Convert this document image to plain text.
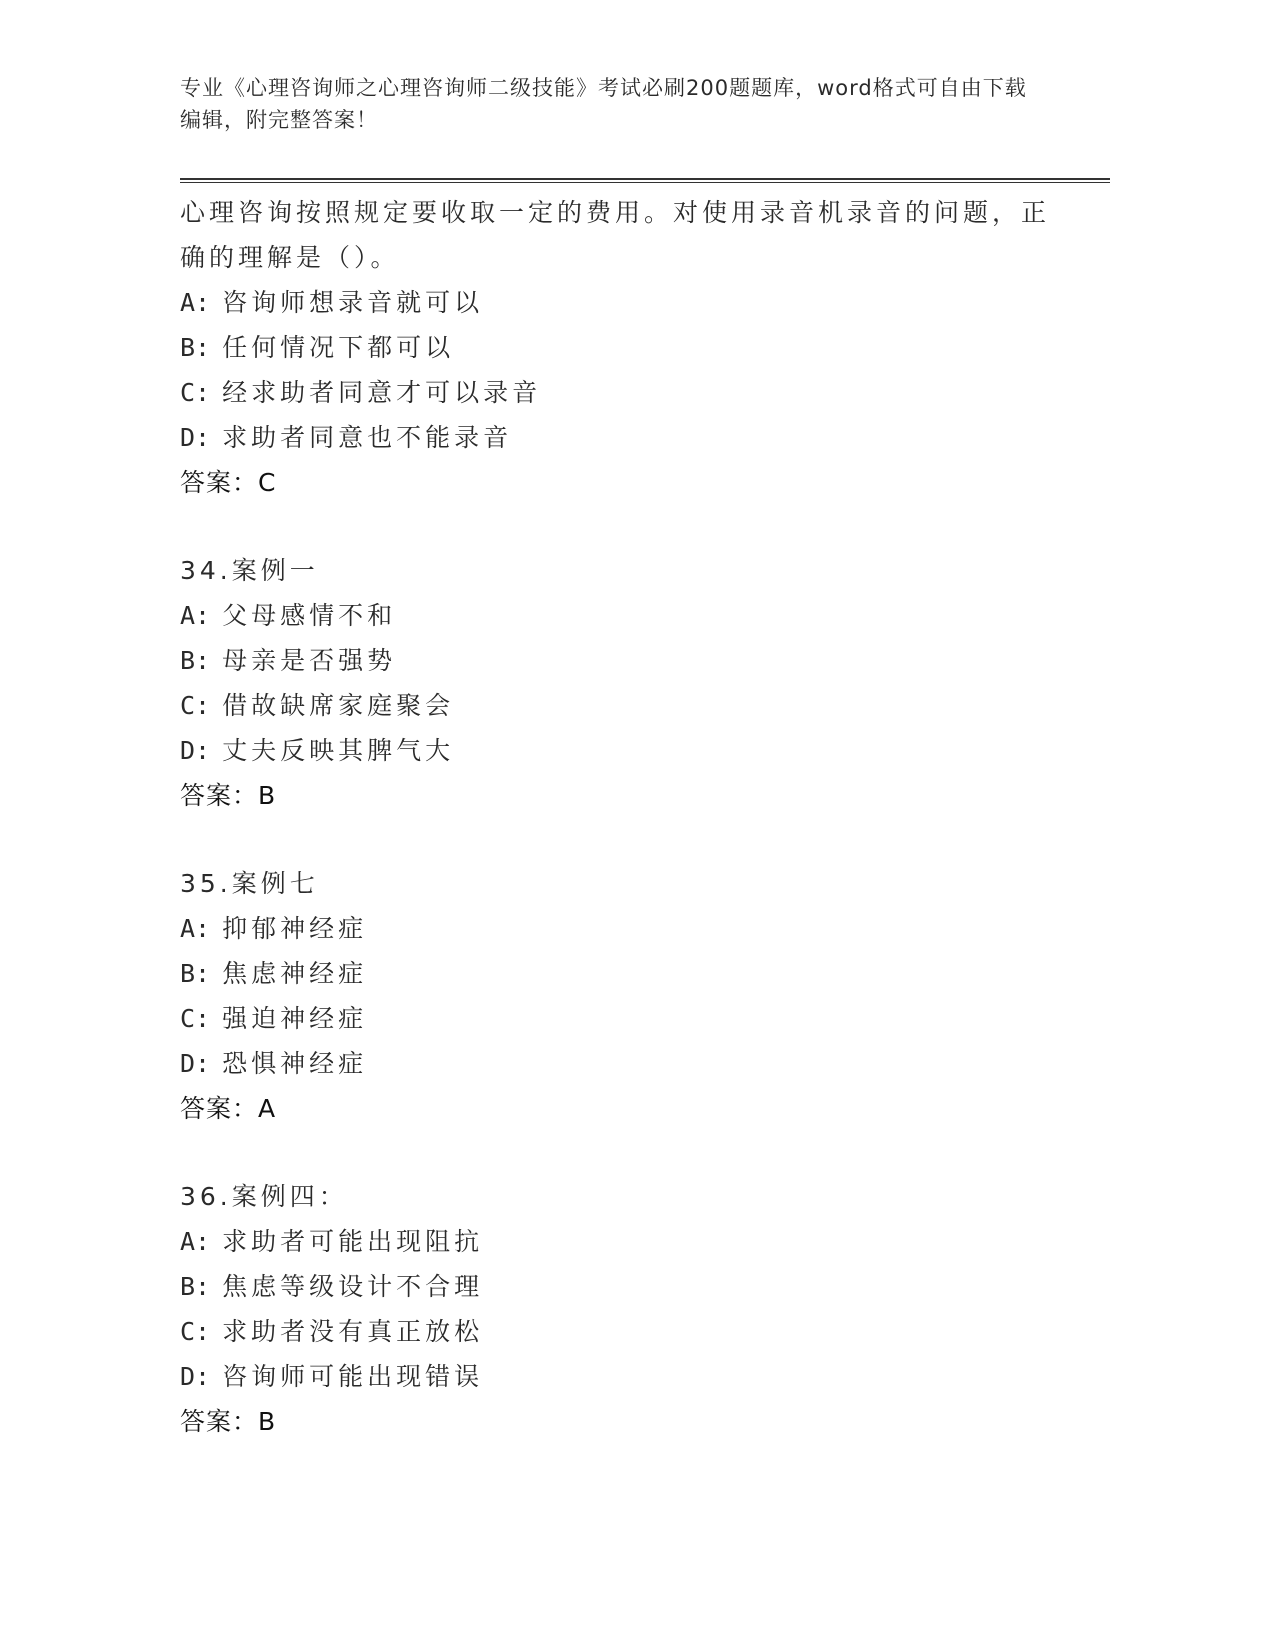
专业《心理咨询师之心理咨询师二级技能》考试必刷200题题库，word格式可自由下载编辑，附完整答案！
心理咨询按照规定要收取一定的费用。对使用录音机录音的问题，正
确的理解是（）。
A: 咨询师想录音就可以
B: 任何情况下都可以
C: 经求助者同意才可以录音
D: 求助者同意也不能录音
答案：C
34.案例一
A: 父母感情不和
B: 母亲是否强势
C: 借故缺席家庭聚会
D: 丈夫反映其脾气大
答案：B
35.案例七
A: 抑郁神经症
B: 焦虑神经症
C: 强迫神经症
D: 恐惧神经症
答案：A
36.案例四：
A: 求助者可能出现阻抗
B: 焦虑等级设计不合理
C: 求助者没有真正放松
D: 咨询师可能出现错误
答案：B
